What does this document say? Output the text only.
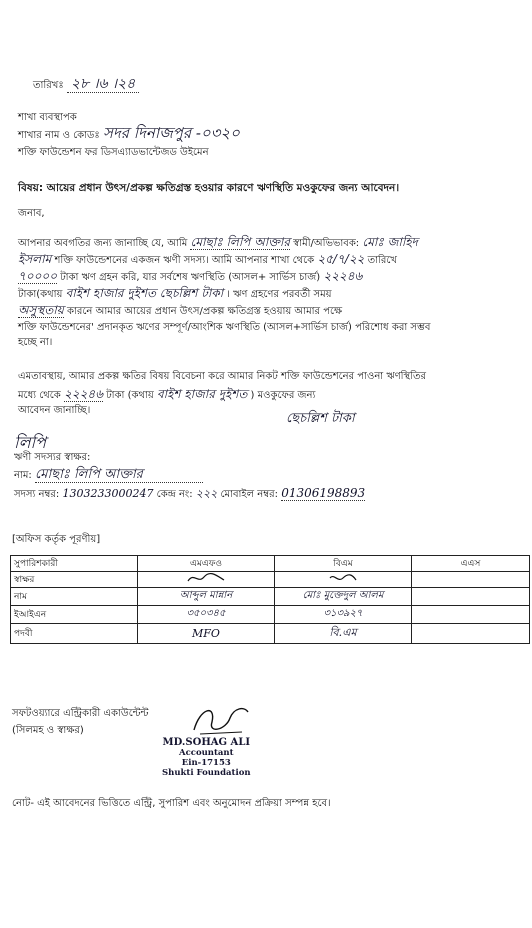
তারিখঃ ২৮ ।৬ ।২৪
শাখা ব্যবস্থাপক
শাখার নাম ও কোডঃ সদর দিনাজপুর -০৩২০
শক্তি ফাউন্ডেশন ফর ডিসএ্যাডভান্টেজড উইমেন
বিষয়: আয়ের প্রধান উৎস/প্রকল্প ক্ষতিগ্রস্ত হওয়ার কারণে ঋণস্থিতি মওকুফের জন্য আবেদন।
জনাব,
আপনার অবগতির জন্য জানাচ্ছি যে, আমি মোছাঃ লিপি আক্তার স্বামী/অভিভাবক: মোঃ জাহিদ
ইসলাম শক্তি ফাউন্ডেশনের একজন ঋণী সদস্য। আমি আপনার শাখা থেকে ২৫/৭/২২ তারিখে
৭০০০০ টাকা ঋণ গ্রহন করি, যার সর্বশেষ ঋণস্থিতি (আসল+ সার্ভিস চার্জ) ২২২৪৬
টাকা(কথায় বাইশ হাজার দুইশত ছেচল্লিশ টাকা । ঋণ গ্রহণের পরবর্তী সময়
অসুস্থতায় কারনে আমার আয়ের প্রধান উৎস/প্রকল্প ক্ষতিগ্রস্ত হওয়ায় আমার পক্ষে
শক্তি ফাউন্ডেশনের' প্রদানকৃত ঋণের সম্পূর্ণ/আংশিক ঋণস্থিতি (আসল+সার্ভিস চার্জ) পরিশোধ করা সম্ভব
হচ্ছে না।
এমতাবস্থায়, আমার প্রকল্প ক্ষতির বিষয় বিবেচনা করে আমার নিকট শক্তি ফাউন্ডেশনের পাওনা ঋণস্থিতির
মধ্যে থেকে ২২২৪৬ টাকা (কথায় বাইশ হাজার দুইশত ) মওকুফের জন্য
আবেদন জানাচ্ছি।
ছেচল্লিশ টাকা
লিপি
ঋণী সদস্যর স্বাক্ষর:
নাম: মোছাঃ লিপি আক্তার
সদস্য নম্বর: 1303233000247 কেন্দ্র নং: ২২২ মোবাইল নম্বর: 01306198893
[অফিস কর্তৃক পূরণীয়]
সুপারিশকারী	এমএফও	বিএম	এএস
স্বাক্ষর			
নাম	আব্দুল মান্নান	মোঃ মুক্তেদুল আলম	
ইআইএন	৩৫০৩৪৫	৩১৩৯২৭	
পদবী	MFO	বি.এম	
সফটওয়্যারে এন্ট্রিকারী একাউন্টেন্ট
(সিলমহ ও স্বাক্ষর)
MD.SOHAG ALI
Accountant
Ein-17153
Shukti Foundation
নোট- এই আবেদনের ভিত্তিতে এন্ট্রি, সুপারিশ এবং অনুমোদন প্রক্রিয়া সম্পন্ন হবে।
